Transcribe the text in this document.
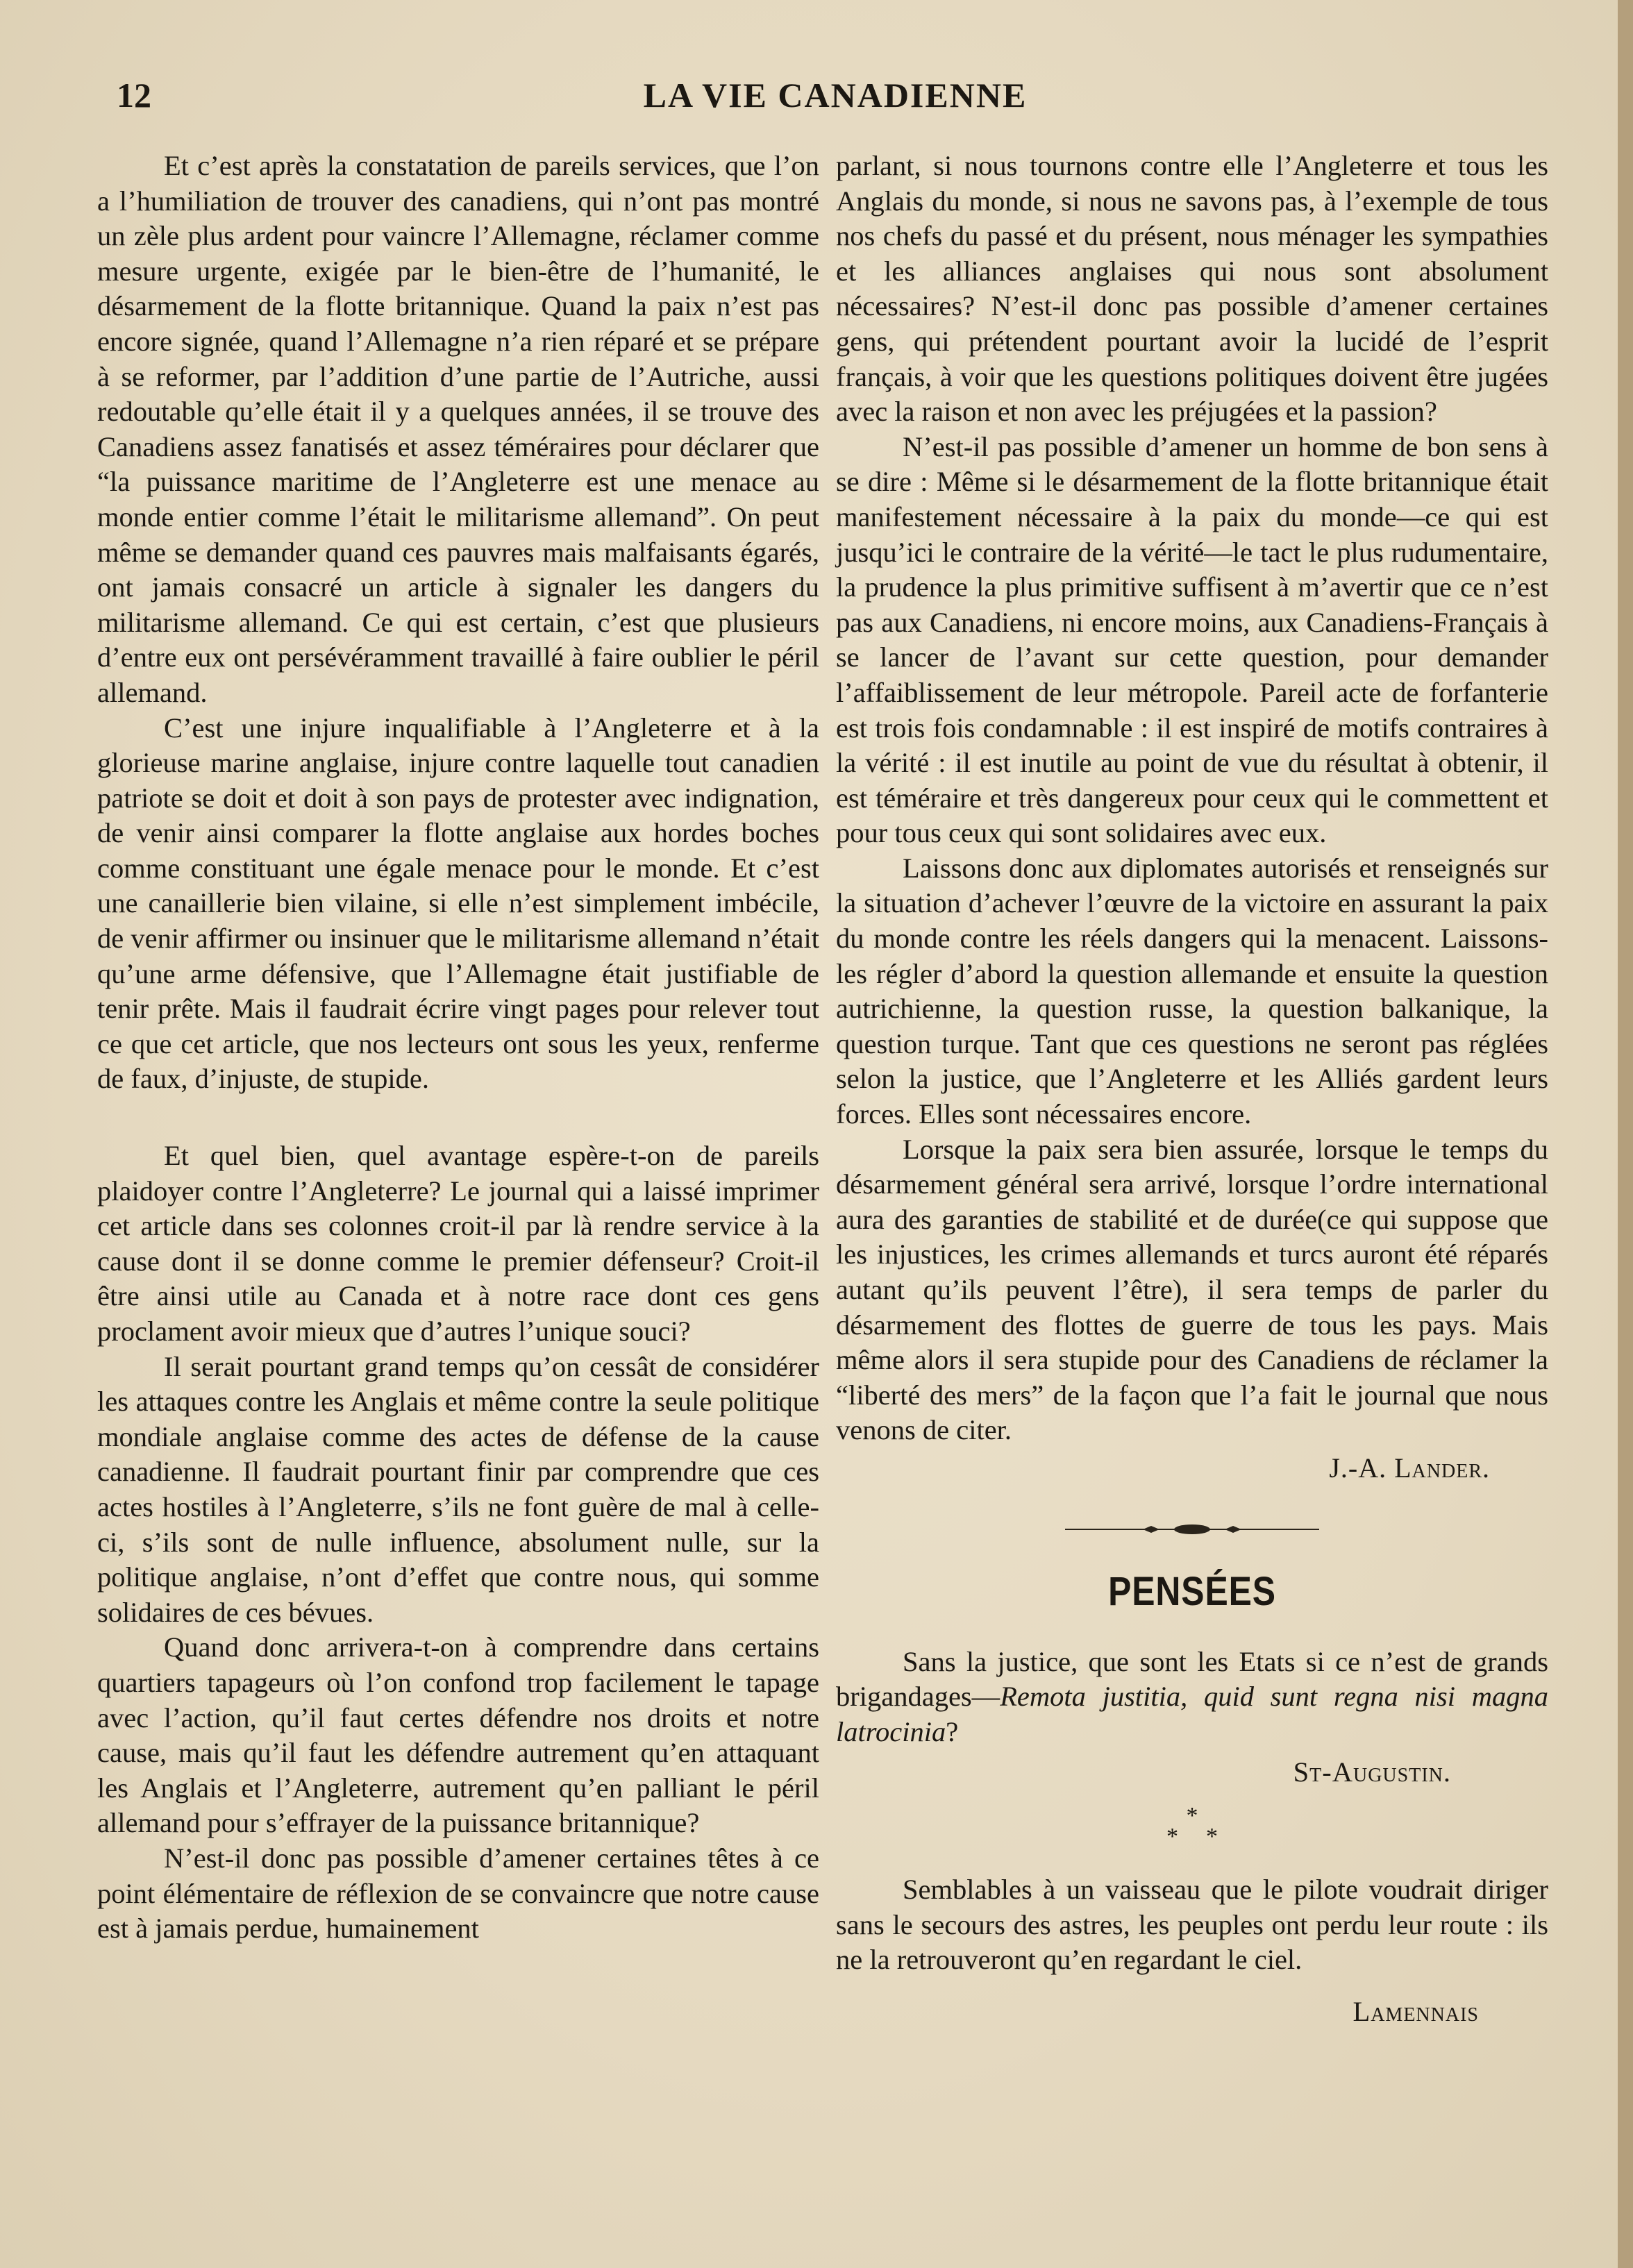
12	LA VIE CANADIENNE

Et c’est après la constatation de pareils services, que l’on a l’humiliation de trouver des canadiens, qui n’ont pas montré un zèle plus ardent pour vaincre l’Allemagne, réclamer comme mesure urgente, exigée par le bien-être de l’humanité, le désarmement de la flotte britannique. Quand la paix n’est pas encore signée, quand l’Allemagne n’a rien réparé et se prépare à se reformer, par l’addition d’une partie de l’Autriche, aussi redoutable qu’elle était il y a quelques années, il se trouve des Canadiens assez fanatisés et assez téméraires pour déclarer que “la puissance maritime de l’Angleterre est une menace au monde entier comme l’était le militarisme allemand”. On peut même se demander quand ces pauvres mais malfaisants égarés, ont jamais consacré un article à signaler les dangers du militarisme allemand. Ce qui est certain, c’est que plusieurs d’entre eux ont persévéramment travaillé à faire oublier le péril allemand.

C’est une injure inqualifiable à l’Angleterre et à la glorieuse marine anglaise, injure contre laquelle tout canadien patriote se doit et doit à son pays de protester avec indignation, de venir ainsi comparer la flotte anglaise aux hordes boches comme constituant une égale menace pour le monde. Et c’est une canaillerie bien vilaine, si elle n’est simplement imbécile, de venir affirmer ou insinuer que le militarisme allemand n’était qu’une arme défensive, que l’Allemagne était justifiable de tenir prête. Mais il faudrait écrire vingt pages pour relever tout ce que cet article, que nos lecteurs ont sous les yeux, renferme de faux, d’injuste, de stupide.

Et quel bien, quel avantage espère-t-on de pareils plaidoyer contre l’Angleterre? Le journal qui a laissé imprimer cet article dans ses colonnes croit-il par là rendre service à la cause dont il se donne comme le premier défenseur? Croit-il être ainsi utile au Canada et à notre race dont ces gens proclament avoir mieux que d’autres l’unique souci?

Il serait pourtant grand temps qu’on cessât de considérer les attaques contre les Anglais et même contre la seule politique mondiale anglaise comme des actes de défense de la cause canadienne. Il faudrait pourtant finir par comprendre que ces actes hostiles à l’Angleterre, s’ils ne font guère de mal à celle-ci, s’ils sont de nulle influence, absolument nulle, sur la politique anglaise, n’ont d’effet que contre nous, qui somme solidaires de ces bévues.

Quand donc arrivera-t-on à comprendre dans certains quartiers tapageurs où l’on confond trop facilement le tapage avec l’action, qu’il faut certes défendre nos droits et notre cause, mais qu’il faut les défendre autrement qu’en attaquant les Anglais et l’Angleterre, autrement qu’en palliant le péril allemand pour s’effrayer de la puissance britannique?

N’est-il donc pas possible d’amener certaines têtes à ce point élémentaire de réflexion de se convaincre que notre cause est à jamais perdue, humainement

parlant, si nous tournons contre elle l’Angleterre et tous les Anglais du monde, si nous ne savons pas, à l’exemple de tous nos chefs du passé et du présent, nous ménager les sympathies et les alliances anglaises qui nous sont absolument nécessaires? N’est-il donc pas possible d’amener certaines gens, qui prétendent pourtant avoir la lucidé de l’esprit français, à voir que les questions politiques doivent être jugées avec la raison et non avec les préjugées et la passion?

N’est-il pas possible d’amener un homme de bon sens à se dire : Même si le désarmement de la flotte britannique était manifestement nécessaire à la paix du monde—ce qui est jusqu’ici le contraire de la vérité—le tact le plus rudumentaire, la prudence la plus primitive suffisent à m’avertir que ce n’est pas aux Canadiens, ni encore moins, aux Canadiens-Français à se lancer de l’avant sur cette question, pour demander l’affaiblissement de leur métropole. Pareil acte de forfanterie est trois fois condamnable : il est inspiré de motifs contraires à la vérité : il est inutile au point de vue du résultat à obtenir, il est téméraire et très dangereux pour ceux qui le commettent et pour tous ceux qui sont solidaires avec eux.

Laissons donc aux diplomates autorisés et renseignés sur la situation d’achever l’œuvre de la victoire en assurant la paix du monde contre les réels dangers qui la menacent. Laissons-les régler d’abord la question allemande et ensuite la question autrichienne, la question russe, la question balkanique, la question turque. Tant que ces questions ne seront pas réglées selon la justice, que l’Angleterre et les Alliés gardent leurs forces. Elles sont nécessaires encore.

Lorsque la paix sera bien assurée, lorsque le temps du désarmement général sera arrivé, lorsque l’ordre international aura des garanties de stabilité et de durée(ce qui suppose que les injustices, les crimes allemands et turcs auront été réparés autant qu’ils peuvent l’être), il sera temps de parler du désarmement des flottes de guerre de tous les pays. Mais même alors il sera stupide pour des Canadiens de réclamer la “liberté des mers” de la façon que l’a fait le journal que nous venons de citer.

J.-A. Lander.

PENSÉES

Sans la justice, que sont les Etats si ce n’est de grands brigandages—Remota justitia, quid sunt regna nisi magna latrocinia?

St-Augustin.

*
**

Semblables à un vaisseau que le pilote voudrait diriger sans le secours des astres, les peuples ont perdu leur route : ils ne la retrouveront qu’en regardant le ciel.

Lamennais
